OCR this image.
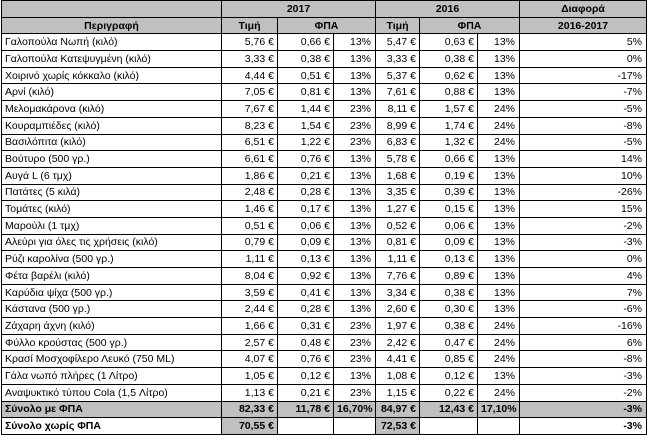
	2017			2016			Διαφορά
Περιγραφή	Τιμή	ΦΠΑ		Τιμή	ΦΠΑ		2016-2017
Γαλοπούλα Νωπή (κιλό)	5,76 €	0,66 €	13%	5,47 €	0,63 €	13%	5%
Γαλοπούλα Κατεψυγμένη (κιλό)	3,33 €	0,38 €	13%	3,33 €	0,38 €	13%	0%
Χοιρινό χωρίς κόκκαλο (κιλό)	4,44 €	0,51 €	13%	5,37 €	0,62 €	13%	-17%
Αρνί (κιλό)	7,05 €	0,81 €	13%	7,61 €	0,88 €	13%	-7%
Μελομακάρονα (κιλό)	7,67 €	1,44 €	23%	8,11 €	1,57 €	24%	-5%
Κουραμπιέδες (κιλό)	8,23 €	1,54 €	23%	8,99 €	1,74 €	24%	-8%
Βασιλόπιτα (κιλό)	6,51 €	1,22 €	23%	6,83 €	1,32 €	24%	-5%
Βούτυρο (500 γρ.)	6,61 €	0,76 €	13%	5,78 €	0,66 €	13%	14%
Αυγά L (6 τμχ)	1,86 €	0,21 €	13%	1,68 €	0,19 €	13%	10%
Πατάτες (5 κιλά)	2,48 €	0,28 €	13%	3,35 €	0,39 €	13%	-26%
Τομάτες (κιλό)	1,46 €	0,17 €	13%	1,27 €	0,15 €	13%	15%
Μαρούλι (1 τμχ)	0,51 €	0,06 €	13%	0,52 €	0,06 €	13%	-2%
Αλεύρι για όλες τις χρήσεις (κιλό)	0,79 €	0,09 €	13%	0,81 €	0,09 €	13%	-3%
Ρύζι καρολίνα (500 γρ.)	1,11 €	0,13 €	13%	1,11 €	0,13 €	13%	0%
Φέτα βαρέλι (κιλό)	8,04 €	0,92 €	13%	7,76 €	0,89 €	13%	4%
Καρύδια ψίχα (500 γρ.)	3,59 €	0,41 €	13%	3,34 €	0,38 €	13%	7%
Κάστανα (500 γρ.)	2,44 €	0,28 €	13%	2,60 €	0,30 €	13%	-6%
Ζάχαρη άχνη (κιλό)	1,66 €	0,31 €	23%	1,97 €	0,38 €	24%	-16%
Φύλλο κρούστας (500 γρ.)	2,57 €	0,48 €	23%	2,42 €	0,47 €	24%	6%
Κρασί Μοσχοφίλερο Λευκό (750 ML)	4,07 €	0,76 €	23%	4,41 €	0,85 €	24%	-8%
Γάλα νωπό πλήρες (1 Λίτρο)	1,05 €	0,12 €	13%	1,08 €	0,12 €	13%	-3%
Αναψυκτικό τύπου Cola (1,5 Λίτρο)	1,13 €	0,21 €	23%	1,15 €	0,22 €	24%	-2%
Σύνολο με ΦΠΑ	82,33 €	11,78 €	16,70%	84,97 €	12,43 €	17,10%	-3%
Σύνολο χωρίς ΦΠΑ	70,55 €			72,53 €			-3%
